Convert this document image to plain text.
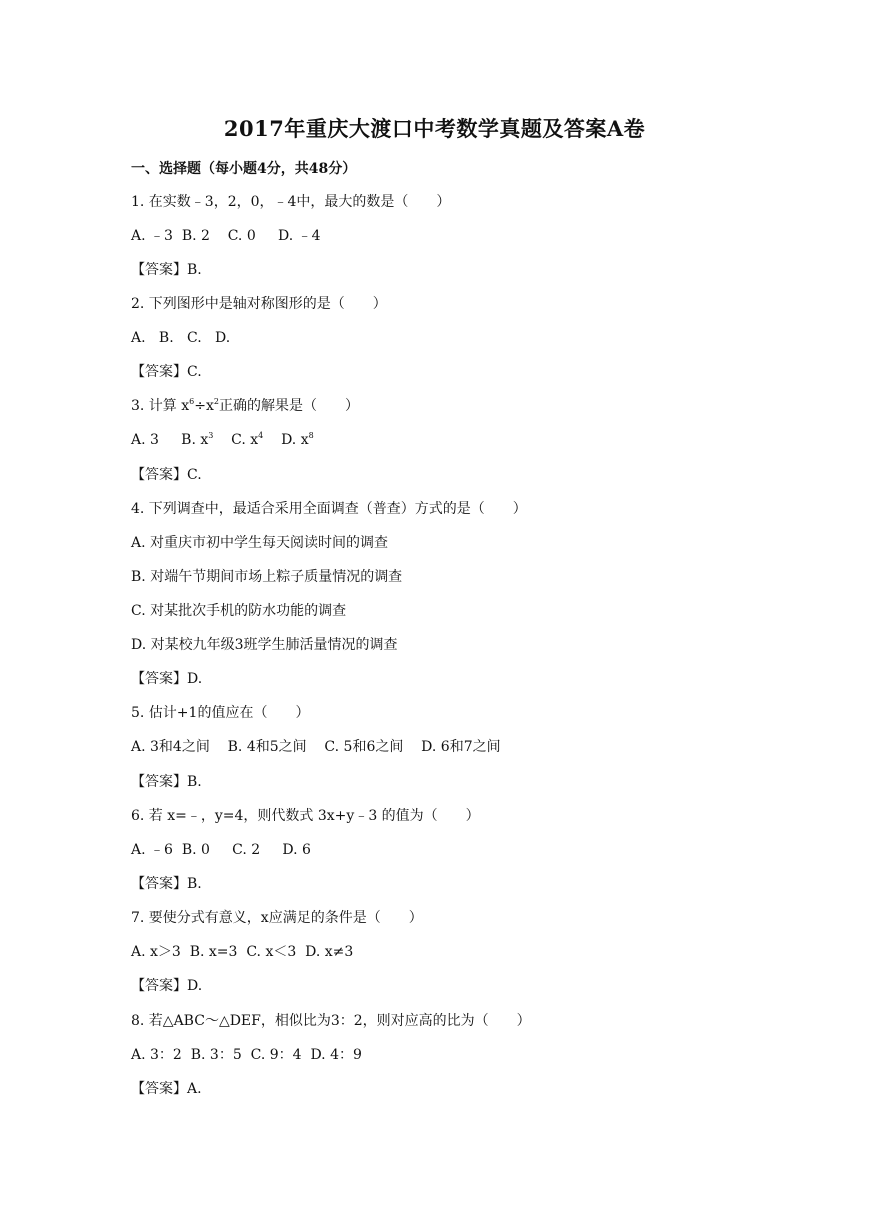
2017年重庆大渡口中考数学真题及答案A卷
一、选择题（每小题4分，共48分）
1. 在实数﹣3，2，0，﹣4中，最大的数是（　　）
A. ﹣3  B. 2    C. 0     D. ﹣4
【答案】B.
2. 下列图形中是轴对称图形的是（　　）
A.   B.   C.   D.
【答案】C.
3. 计算 $x^6\div x^2$正确的解果是（　　）
A. 3     B. $x^3$    C. $x^4$    D. $x^8$
【答案】C.
4. 下列调查中，最适合采用全面调查（普查）方式的是（　　）
A. 对重庆市初中学生每天阅读时间的调查
B. 对端午节期间市场上粽子质量情况的调查
C. 对某批次手机的防水功能的调查
D. 对某校九年级3班学生肺活量情况的调查
【答案】D.
5. 估计+1的值应在（　　）
A. 3和4之间    B. 4和5之间    C. 5和6之间    D. 6和7之间
【答案】B.
6. 若 x=﹣，y=4，则代数式 3x+y﹣3 的值为（　　）
A. ﹣6  B. 0     C. 2     D. 6
【答案】B.
7. 要使分式有意义，x应满足的条件是（　　）
A. x＞3  B. x=3  C. x＜3  D. x≠3
【答案】D.
8. 若△ABC～△DEF，相似比为3：2，则对应高的比为（　　）
A. 3：2  B. 3：5  C. 9：4  D. 4：9
【答案】A.
